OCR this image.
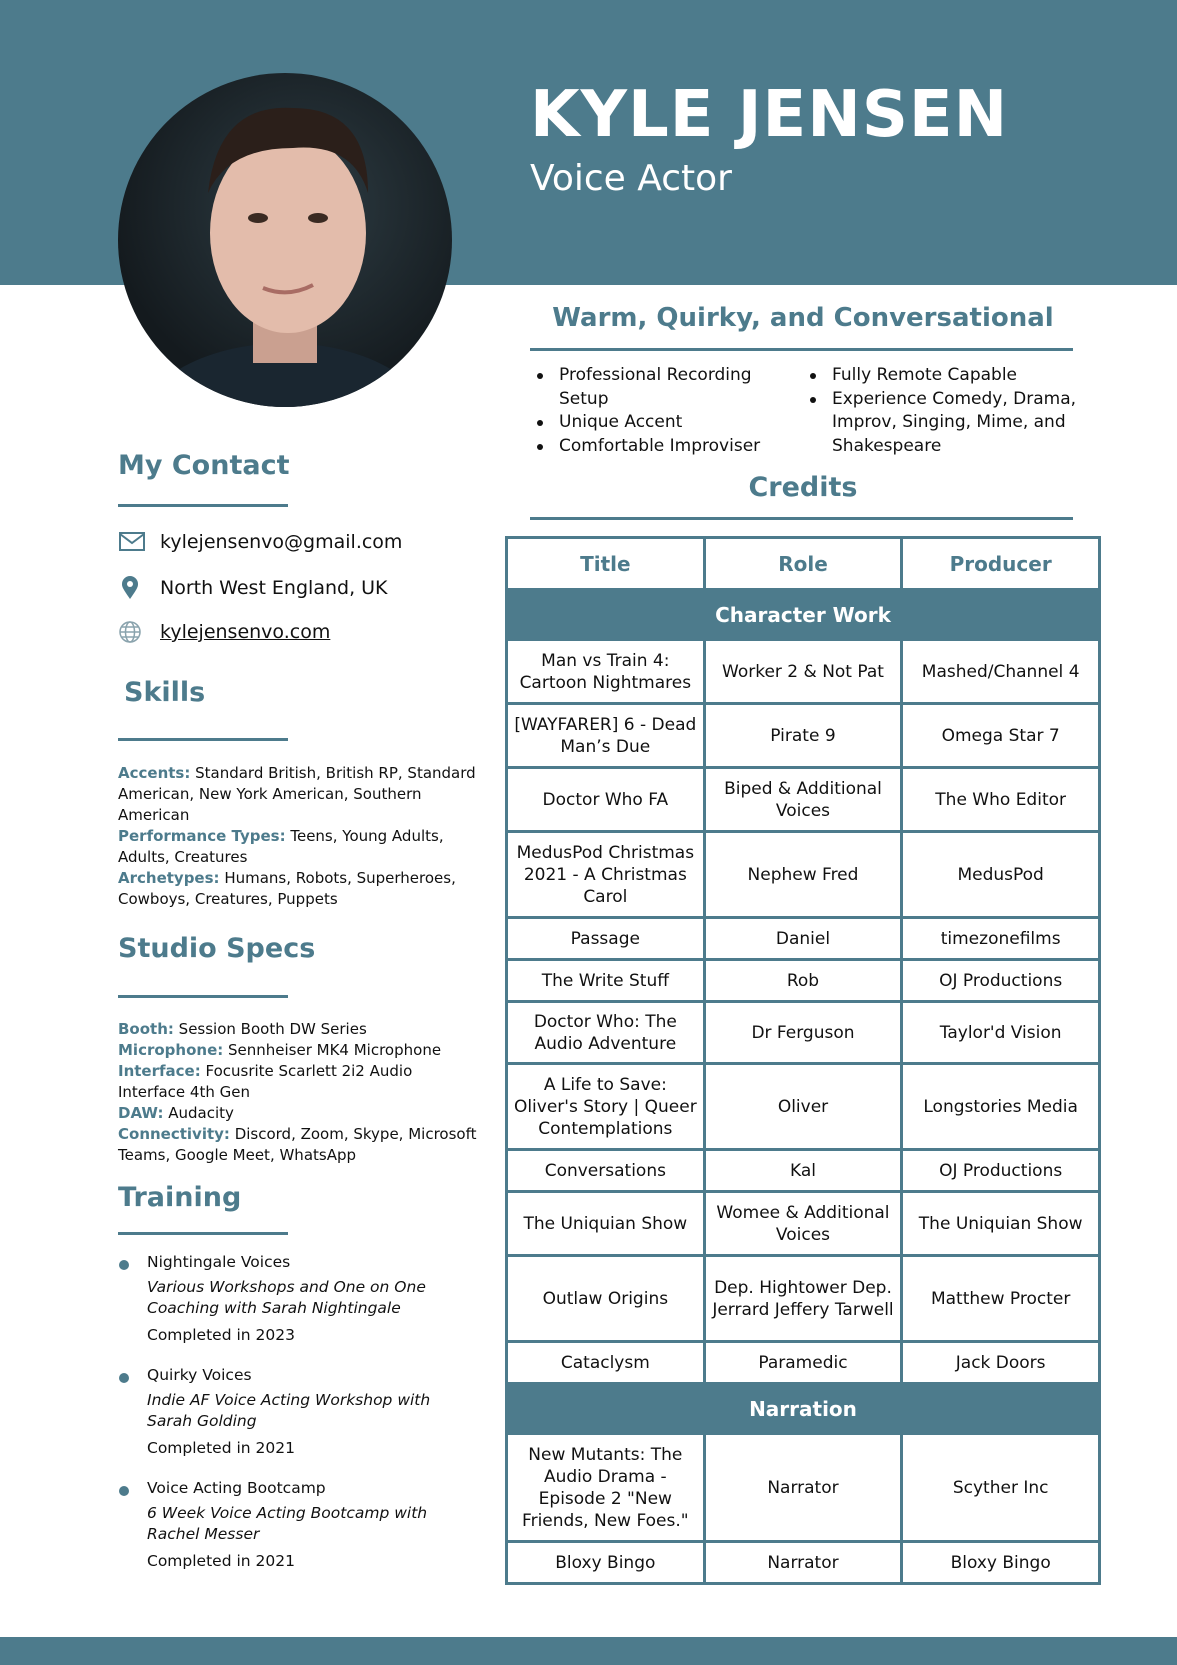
KYLE JENSEN
Voice Actor
Warm, Quirky, and Conversational
Professional Recording Setup
Unique Accent
Comfortable Improviser
Fully Remote Capable
Experience Comedy, Drama, Improv, Singing, Mime, and Shakespeare
Credits
Title	Role	Producer
Character Work		
Man vs Train 4: Cartoon Nightmares	Worker 2 & Not Pat	Mashed/Channel 4
[WAYFARER] 6 - Dead Man’s Due	Pirate 9	Omega Star 7
Doctor Who FA	Biped & Additional Voices	The Who Editor
MedusPod Christmas 2021 - A Christmas Carol	Nephew Fred	MedusPod
Passage	Daniel	timezonefilms
The Write Stuff	Rob	OJ Productions
Doctor Who: The Audio Adventure	Dr Ferguson	Taylor'd Vision
A Life to Save: Oliver's Story | Queer Contemplations	Oliver	Longstories Media
Conversations	Kal	OJ Productions
The Uniquian Show	Womee & Additional Voices	The Uniquian Show
Outlaw Origins	Dep. Hightower Dep. Jerrard Jeffery Tarwell	Matthew Procter
Cataclysm	Paramedic	Jack Doors
Narration		
New Mutants: The Audio Drama - Episode 2 "New Friends, New Foes."	Narrator	Scyther Inc
Bloxy Bingo	Narrator	Bloxy Bingo
My Contact
kylejensenvo@gmail.com
North West England, UK
kylejensenvo.com
Skills
Accents: Standard British, British RP, Standard American, New York American, Southern American
Performance Types: Teens, Young Adults, Adults, Creatures
Archetypes: Humans, Robots, Superheroes, Cowboys, Creatures, Puppets
Studio Specs
Booth: Session Booth DW Series
Microphone: Sennheiser MK4 Microphone
Interface: Focusrite Scarlett 2i2 Audio Interface 4th Gen
DAW: Audacity
Connectivity: Discord, Zoom, Skype, Microsoft Teams, Google Meet, WhatsApp
Training
Nightingale Voices
Various Workshops and One on One Coaching with Sarah Nightingale
Completed in 2023
Quirky Voices
Indie AF Voice Acting Workshop with Sarah Golding
Completed in 2021
Voice Acting Bootcamp
6 Week Voice Acting Bootcamp with Rachel Messer
Completed in 2021
